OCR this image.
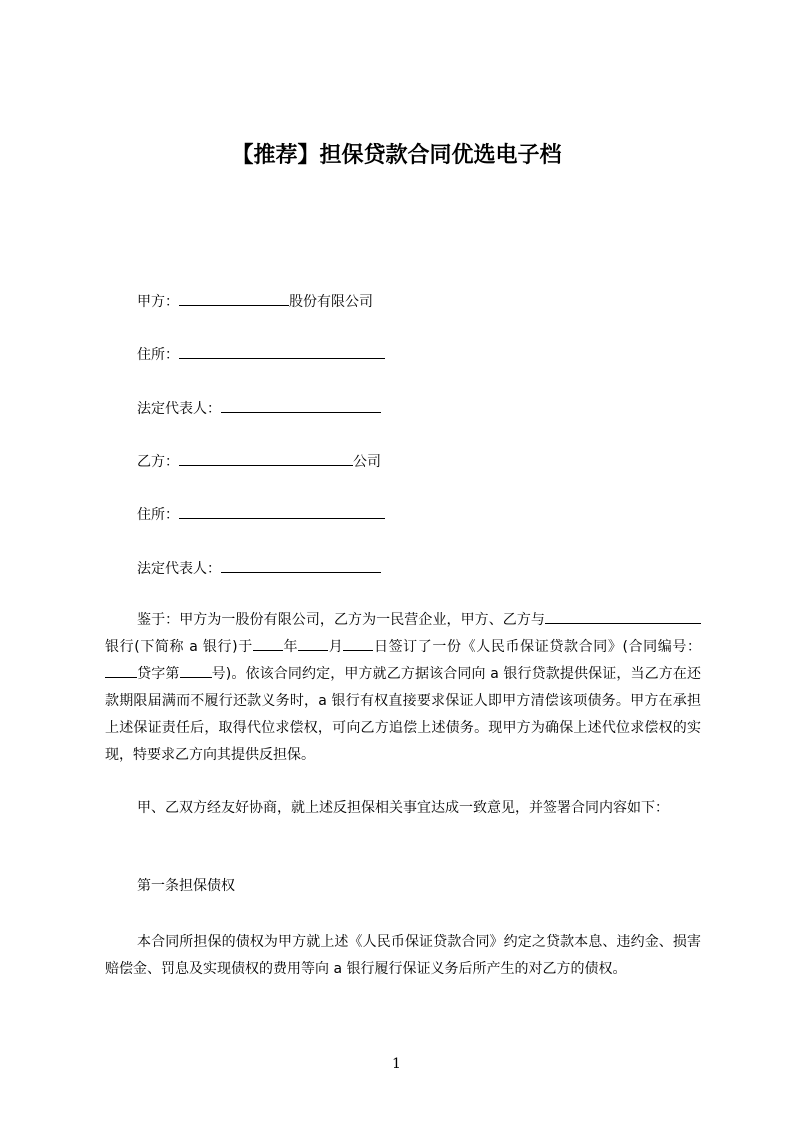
【推荐】担保贷款合同优选电子档
甲方：	股份有限公司
住所：
法定代表人：
乙方：	公司
住所：
法定代表人：

鉴于：甲方为一股份有限公司，乙方为一民营企业，甲方、乙方与银行(下简称 a 银行)于 年 月 日签订了一份《人民币保证贷款合同》(合同编号：贷字第 号)。依该合同约定，甲方就乙方据该合同向 a 银行贷款提供保证，当乙方在还款期限届满而不履行还款义务时，a 银行有权直接要求保证人即甲方清偿该项债务。甲方在承担上述保证责任后，取得代位求偿权，可向乙方追偿上述债务。现甲方为确保上述代位求偿权的实现，特要求乙方向其提供反担保。

甲、乙双方经友好协商，就上述反担保相关事宜达成一致意见，并签署合同内容如下：

第一条担保债权

本合同所担保的债权为甲方就上述《人民币保证贷款合同》约定之贷款本息、违约金、损害赔偿金、罚息及实现债权的费用等向 a 银行履行保证义务后所产生的对乙方的债权。

1
